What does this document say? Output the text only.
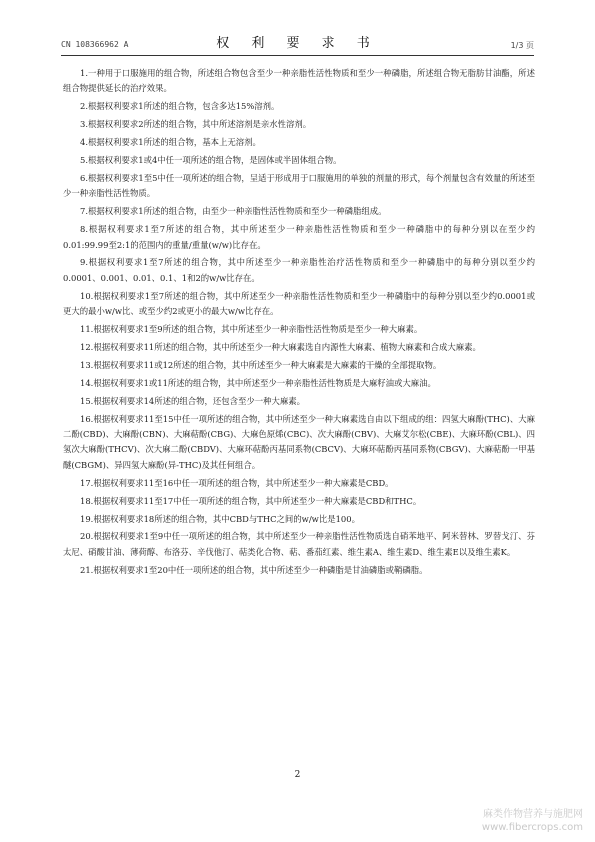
CN 108366962 A	权 利 要 求 书	1/3 页

1.一种用于口服施用的组合物，所述组合物包含至少一种亲脂性活性物质和至少一种磷脂，所述组合物无脂肪甘油酯，所述组合物提供延长的治疗效果。

2.根据权利要求1所述的组合物，包含多达15%溶剂。

3.根据权利要求2所述的组合物，其中所述溶剂是亲水性溶剂。

4.根据权利要求1所述的组合物，基本上无溶剂。

5.根据权利要求1或4中任一项所述的组合物，是固体或半固体组合物。

6.根据权利要求1至5中任一项所述的组合物，呈适于形成用于口服施用的单独的剂量的形式，每个剂量包含有效量的所述至少一种亲脂性活性物质。

7.根据权利要求1所述的组合物，由至少一种亲脂性活性物质和至少一种磷脂组成。

8.根据权利要求1至7所述的组合物，其中所述至少一种亲脂性活性物质和至少一种磷脂中的每种分别以在至少约0.01:99.99至2:1的范围内的重量/重量(w/w)比存在。

9.根据权利要求1至7所述的组合物，其中所述至少一种亲脂性治疗活性物质和至少一种磷脂中的每种分别以至少约0.0001、0.001、0.01、0.1、1和2的w/w比存在。

10.根据权利要求1至7所述的组合物，其中所述至少一种亲脂性活性物质和至少一种磷脂中的每种分别以至少约0.0001或更大的最小w/w比、或至少约2或更小的最大w/w比存在。

11.根据权利要求1至9所述的组合物，其中所述至少一种亲脂性活性物质是至少一种大麻素。

12.根据权利要求11所述的组合物，其中所述至少一种大麻素选自内源性大麻素、植物大麻素和合成大麻素。

13.根据权利要求11或12所述的组合物，其中所述至少一种大麻素是大麻素的干燥的全部提取物。

14.根据权利要求1或11所述的组合物，其中所述至少一种亲脂性活性物质是大麻籽油或大麻油。

15.根据权利要求14所述的组合物，还包含至少一种大麻素。

16.根据权利要求11至15中任一项所述的组合物，其中所述至少一种大麻素选自由以下组成的组：四氢大麻酚(THC)、大麻二酚(CBD)、大麻酚(CBN)、大麻萜酚(CBG)、大麻色原烯(CBC)、次大麻酚(CBV)、大麻艾尔松(CBE)、大麻环酚(CBL)、四氢次大麻酚(THCV)、次大麻二酚(CBDV)、大麻环萜酚丙基同系物(CBCV)、大麻环萜酚丙基同系物(CBGV)、大麻萜酚一甲基醚(CBGM)、异四氢大麻酚(异-THC)及其任何组合。

17.根据权利要求11至16中任一项所述的组合物，其中所述至少一种大麻素是CBD。

18.根据权利要求11至17中任一项所述的组合物，其中所述至少一种大麻素是CBD和THC。

19.根据权利要求18所述的组合物，其中CBD与THC之间的w/w比是100。

20.根据权利要求1至9中任一项所述的组合物，其中所述至少一种亲脂性活性物质选自硝苯地平、阿米替林、罗替戈汀、芬太尼、硝酸甘油、薄荷醇、布洛芬、辛伐他汀、萜类化合物、萜、番茄红素、维生素A、维生素D、维生素E以及维生素K。

21.根据权利要求1至20中任一项所述的组合物，其中所述至少一种磷脂是甘油磷脂或鞘磷脂。

2
麻类作物营养与施肥网
www.fibercrops.com
